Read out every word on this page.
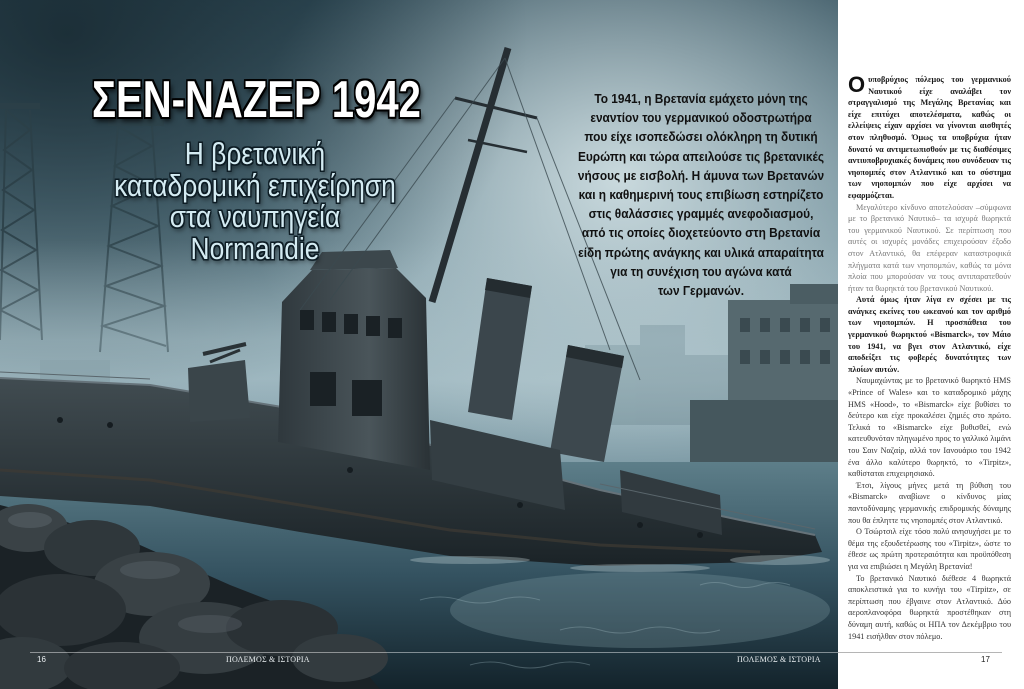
ΣΕΝ-ΝΑΖΕΡ 1942
Η βρετανική
καταδρομική επιχείρηση
στα ναυπηγεία
Normandie
Το 1941, η Βρετανία εμάχετο μόνη της
εναντίον του γερμανικού οδοστρωτήρα
που είχε ισοπεδώσει ολόκληρη τη δυτική
Ευρώπη και τώρα απειλούσε τις βρετανικές
νήσους με εισβολή. Η άμυνα των Βρετανών
και η καθημερινή τους επιβίωση εστηρίζετο
στις θαλάσσιες γραμμές ανεφοδιασμού,
από τις οποίες διοχετεύοντο στη Βρετανία
είδη πρώτης ανάγκης και υλικά απαραίτητα
για τη συνέχιση του αγώνα κατά
των Γερμανών.

Ουποβρύχιος πόλεμος του γερμανικού Ναυτικού είχε αναλάβει τον στραγγαλισμό της Μεγάλης Βρετανίας και είχε επιτύχει αποτελέσματα, καθώς οι ελλείψεις είχαν αρχίσει να γίνονται αισθητές στον πληθυσμό. Όμως τα υποβρύχια ήταν δυνατό να αντιμετωπισθούν με τις διαθέσιμες αντιυποβρυχιακές δυνάμεις που συνόδευαν τις νηοπομπές στον Ατλαντικό και το σύστημα των νηοπομπών που είχε αρχίσει να εφαρμόζεται.

Μεγαλύτερο κίνδυνο αποτελούσαν –σύμφωνα με το βρετανικό Ναυτικό– τα ισχυρά θωρηκτά του γερμανικού Ναυτικού. Σε περίπτωση που αυτές οι ισχυρές μονάδες επιχειρούσαν έξοδο στον Ατλαντικό, θα επέφεραν καταστροφικά πλήγματα κατά των νηοπομπών, καθώς τα μόνα πλοία που μπορούσαν να τους αντιπαρατεθούν ήταν τα θωρηκτά του βρετανικού Ναυτικού.

Αυτά όμως ήταν λίγα εν σχέσει με τις ανάγκες εκείνες του ωκεανού και τον αριθμό των νηοπομπών. Η προσπάθεια του γερμανικού θωρηκτού «Bismarck», τον Μάιο του 1941, να βγει στον Ατλαντικό, είχε αποδείξει τις φοβερές δυνατότητες των πλοίων αυτών.

Ναυμαχώντας με το βρετανικό θωρηκτό HMS «Prince of Wales» και το καταδρομικό μάχης HMS «Hood», το «Bismarck» είχε βυθίσει το δεύτερο και είχε προκαλέσει ζημιές στο πρώτο. Τελικά το «Bismarck» είχε βυθισθεί, ενώ κατευθυνόταν πληγωμένο προς το γαλλικό λιμάνι του Σαιν Ναζαίρ, αλλά τον Ιανουάριο του 1942 ένα άλλο καλύτερο θωρηκτό, το «Tirpitz», καθίσταται επιχειρησιακό.

Έτσι, λίγους μήνες μετά τη βύθιση του «Bismarck» αναβίωνε ο κίνδυνος μίας παντοδύναμης γερμανικής επιδρομικής δύναμης που θα έπληττε τις νηοπομπές στον Ατλαντικό.

Ο Τσώρτσιλ είχε τόσο πολύ ανησυχήσει με το θέμα της εξουδετέρωσης του «Tirpitz», ώστε το έθεσε ως πρώτη προτεραιότητα και προϋπόθεση για να επιβιώσει η Μεγάλη Βρετανία!

Το βρετανικό Ναυτικό διέθεσε 4 θωρηκτά αποκλειστικά για το κυνήγι του «Tirpitz», σε περίπτωση που έβγαινε στον Ατλαντικό. Δύο αεροπλανοφόρα θωρηκτά προστέθηκαν στη δύναμη αυτή, καθώς οι ΗΠΑ τον Δεκέμβριο του 1941 εισήλθαν στον πόλεμο.

16	ΠΟΛΕΜΟΣ & ΙΣΤΟΡΙΑ	ΠΟΛΕΜΟΣ & ΙΣΤΟΡΙΑ	17
